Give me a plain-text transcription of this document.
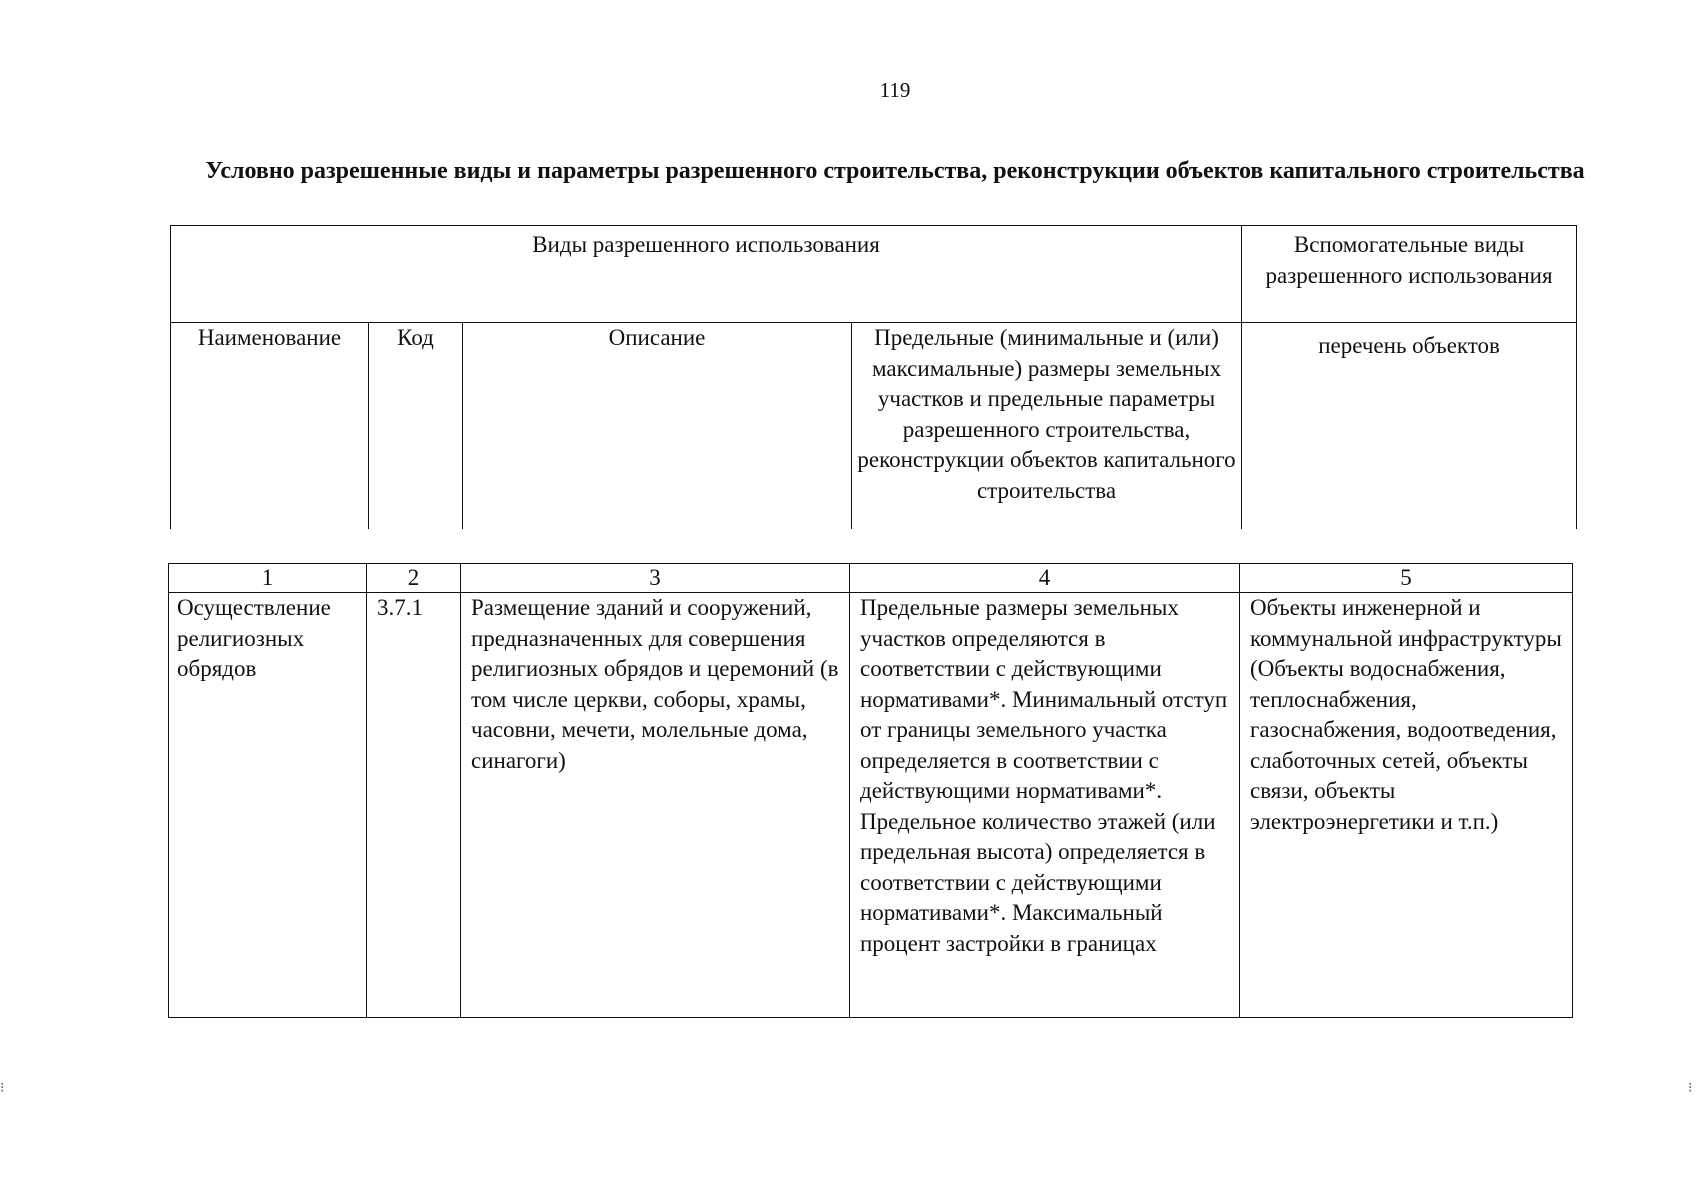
119
Условно разрешенные виды и параметры разрешенного строительства, реконструкции объектов капитального строительства
Виды разрешенного использования				Вспомогательные виды разрешенного использования
Наименование	Код	Описание	Предельные (минимальные и (или) максимальные) размеры земельных участков и предельные параметры разрешенного строительства, реконструкции объектов капитального строительства	перечень объектов
1	2	3	4	5
Осуществление религиозных обрядов	3.7.1	Размещение зданий и сооружений, предназначенных для совершения религиозных обрядов и церемоний (в том числе церкви, соборы, храмы, часовни, мечети, молельные дома, синагоги)	Предельные размеры земельных участков определяются в соответствии с действующими нормативами*. Минимальный отступ от границы земельного участка определяется в соответствии с действующими нормативами*. Предельное количество этажей (или предельная высота) определяется в соответствии с действующими нормативами*. Максимальный процент застройки в границах	Объекты инженерной и коммунальной инфраструктуры (Объекты водоснабжения, теплоснабжения, газоснабжения, водоотведения, слаботочных сетей, объекты связи, объекты электроэнергетики и т.п.)
⁝	⁝
